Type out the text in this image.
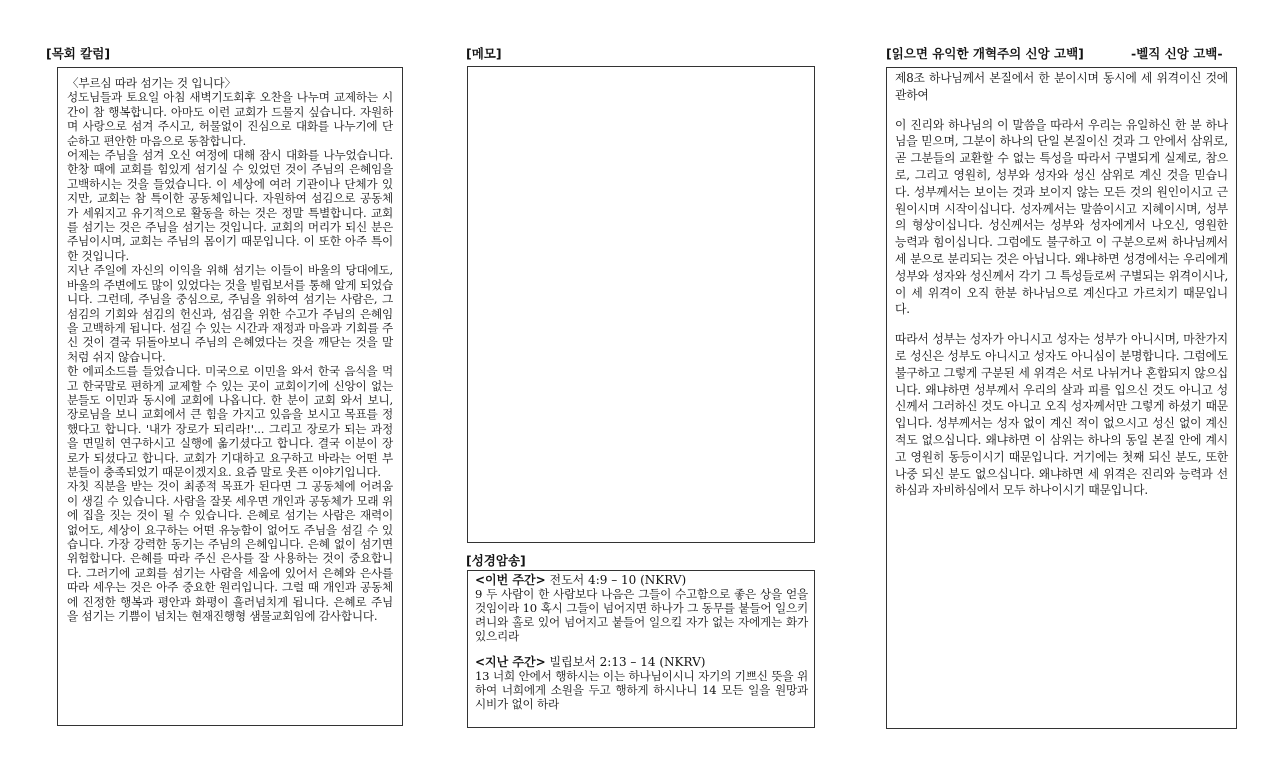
[목회 칼럼]	[메모]
[성경암송]
[읽으면 유익한 개혁주의 신앙 고백]	-벨직 신앙 고백-

〈부르심 따라 섬기는 것 입니다〉

성도님들과 토요일 아침 새벽기도회후 오찬을 나누며 교제하는 시간이 참 행복합니다. 아마도 이런 교회가 드물지 싶습니다. 자원하며 사랑으로 섬겨 주시고, 허물없이 진심으로 대화를 나누기에 단순하고 편안한 마음으로 동참합니다.

어제는 주님을 섬겨 오신 여정에 대해 잠시 대화를 나누었습니다. 한창 때에 교회를 힘있게 섬기실 수 있었던 것이 주님의 은혜임을 고백하시는 것을 들었습니다. 이 세상에 여러 기관이나 단체가 있지만, 교회는 참 특이한 공동체입니다. 자원하여 섬김으로 공동체가 세워지고 유기적으로 활동을 하는 것은 정말 특별합니다. 교회를 섬기는 것은 주님을 섬기는 것입니다. 교회의 머리가 되신 분은 주님이시며, 교회는 주님의 몸이기 때문입니다. 이 또한 아주 특이한 것입니다.

지난 주일에 자신의 이익을 위해 섬기는 이들이 바울의 당대에도, 바울의 주변에도 많이 있었다는 것을 빌립보서를 통해 알게 되었습니다. 그런데, 주님을 중심으로, 주님을 위하여 섬기는 사람은, 그 섬김의 기회와 섬김의 헌신과, 섬김을 위한 수고가 주님의 은혜임을 고백하게 됩니다. 섬길 수 있는 시간과 재정과 마음과 기회를 주신 것이 결국 뒤돌아보니 주님의 은혜였다는 것을 깨닫는 것을 말처럼 쉬지 않습니다.

한 에피소드를 들었습니다. 미국으로 이민을 와서 한국 음식을 먹고 한국말로 편하게 교제할 수 있는 곳이 교회이기에 신앙이 없는 분들도 이민과 동시에 교회에 나옵니다. 한 분이 교회 와서 보니, 장로님을 보니 교회에서 큰 힘을 가지고 있음을 보시고 목표를 정했다고 합니다. '내가 장로가 되리라!'... 그리고 장로가 되는 과정을 면밀히 연구하시고 실행에 옮기셨다고 합니다. 결국 이분이 장로가 되셨다고 합니다. 교회가 기대하고 요구하고 바라는 어떤 부분들이 충족되었기 때문이겠지요. 요즘 말로 웃픈 이야기입니다.

자칫 직분을 받는 것이 최종적 목표가 된다면 그 공동체에 어려움이 생길 수 있습니다. 사람을 잘못 세우면 개인과 공동체가 모래 위에 집을 짓는 것이 될 수 있습니다. 은혜로 섬기는 사람은 재력이 없어도, 세상이 요구하는 어떤 유능함이 없어도 주님을 섬길 수 있습니다. 가장 강력한 동기는 주님의 은혜입니다. 은혜 없이 섬기면 위험합니다. 은혜를 따라 주신 은사를 잘 사용하는 것이 중요합니다. 그러기에 교회를 섬기는 사람을 세움에 있어서 은혜와 은사를 따라 세우는 것은 아주 중요한 원리입니다. 그럴 때 개인과 공동체에 진정한 행복과 평안과 화평이 흘러넘치게 됩니다. 은혜로 주님을 섬기는 기쁨이 넘치는 현재진행형 샘물교회임에 감사합니다.

<이번 주간> 전도서 4:9 – 10 (NKRV)
9 두 사람이 한 사람보다 나음은 그들이 수고함으로 좋은 상을 얻을 것임이라 10 혹시 그들이 넘어지면 하나가 그 동무를 붙들어 일으키려니와 홀로 있어 넘어지고 붙들어 일으킬 자가 없는 자에게는 화가 있으리라
<지난 주간> 빌립보서 2:13 – 14 (NKRV)
13 너희 안에서 행하시는 이는 하나님이시니 자기의 기쁘신 뜻을 위하여 너희에게 소원을 두고 행하게 하시나니 14 모든 일을 원망과 시비가 없이 하라

제8조 하나님께서 본질에서 한 분이시며 동시에 세 위격이신 것에 관하여

이 진리와 하나님의 이 말씀을 따라서 우리는 유일하신 한 분 하나님을 믿으며, 그분이 하나의 단일 본질이신 것과 그 안에서 삼위로, 곧 그분들의 교환할 수 없는 특성을 따라서 구별되게 실제로, 참으로, 그리고 영원히, 성부와 성자와 성신 삼위로 계신 것을 믿습니다. 성부께서는 보이는 것과 보이지 않는 모든 것의 원인이시고 근원이시며 시작이십니다. 성자께서는 말씀이시고 지혜이시며, 성부의 형상이십니다. 성신께서는 성부와 성자에게서 나오신, 영원한 능력과 힘이십니다. 그럼에도 불구하고 이 구분으로써 하나님께서 세 분으로 분리되는 것은 아닙니다. 왜냐하면 성경에서는 우리에게 성부와 성자와 성신께서 각기 그 특성들로써 구별되는 위격이시나, 이 세 위격이 오직 한분 하나님으로 계신다고 가르치기 때문입니다.

따라서 성부는 성자가 아니시고 성자는 성부가 아니시며, 마찬가지로 성신은 성부도 아니시고 성자도 아니심이 분명합니다. 그럼에도 불구하고 그렇게 구분된 세 위격은 서로 나뉘거나 혼합되지 않으십니다. 왜냐하면 성부께서 우리의 살과 피를 입으신 것도 아니고 성신께서 그러하신 것도 아니고 오직 성자께서만 그렇게 하셨기 때문입니다. 성부께서는 성자 없이 계신 적이 없으시고 성신 없이 계신 적도 없으십니다. 왜냐하면 이 삼위는 하나의 동일 본질 안에 계시고 영원히 동등이시기 때문입니다. 거기에는 첫째 되신 분도, 또한 나중 되신 분도 없으십니다. 왜냐하면 세 위격은 진리와 능력과 선하심과 자비하심에서 모두 하나이시기 때문입니다.
